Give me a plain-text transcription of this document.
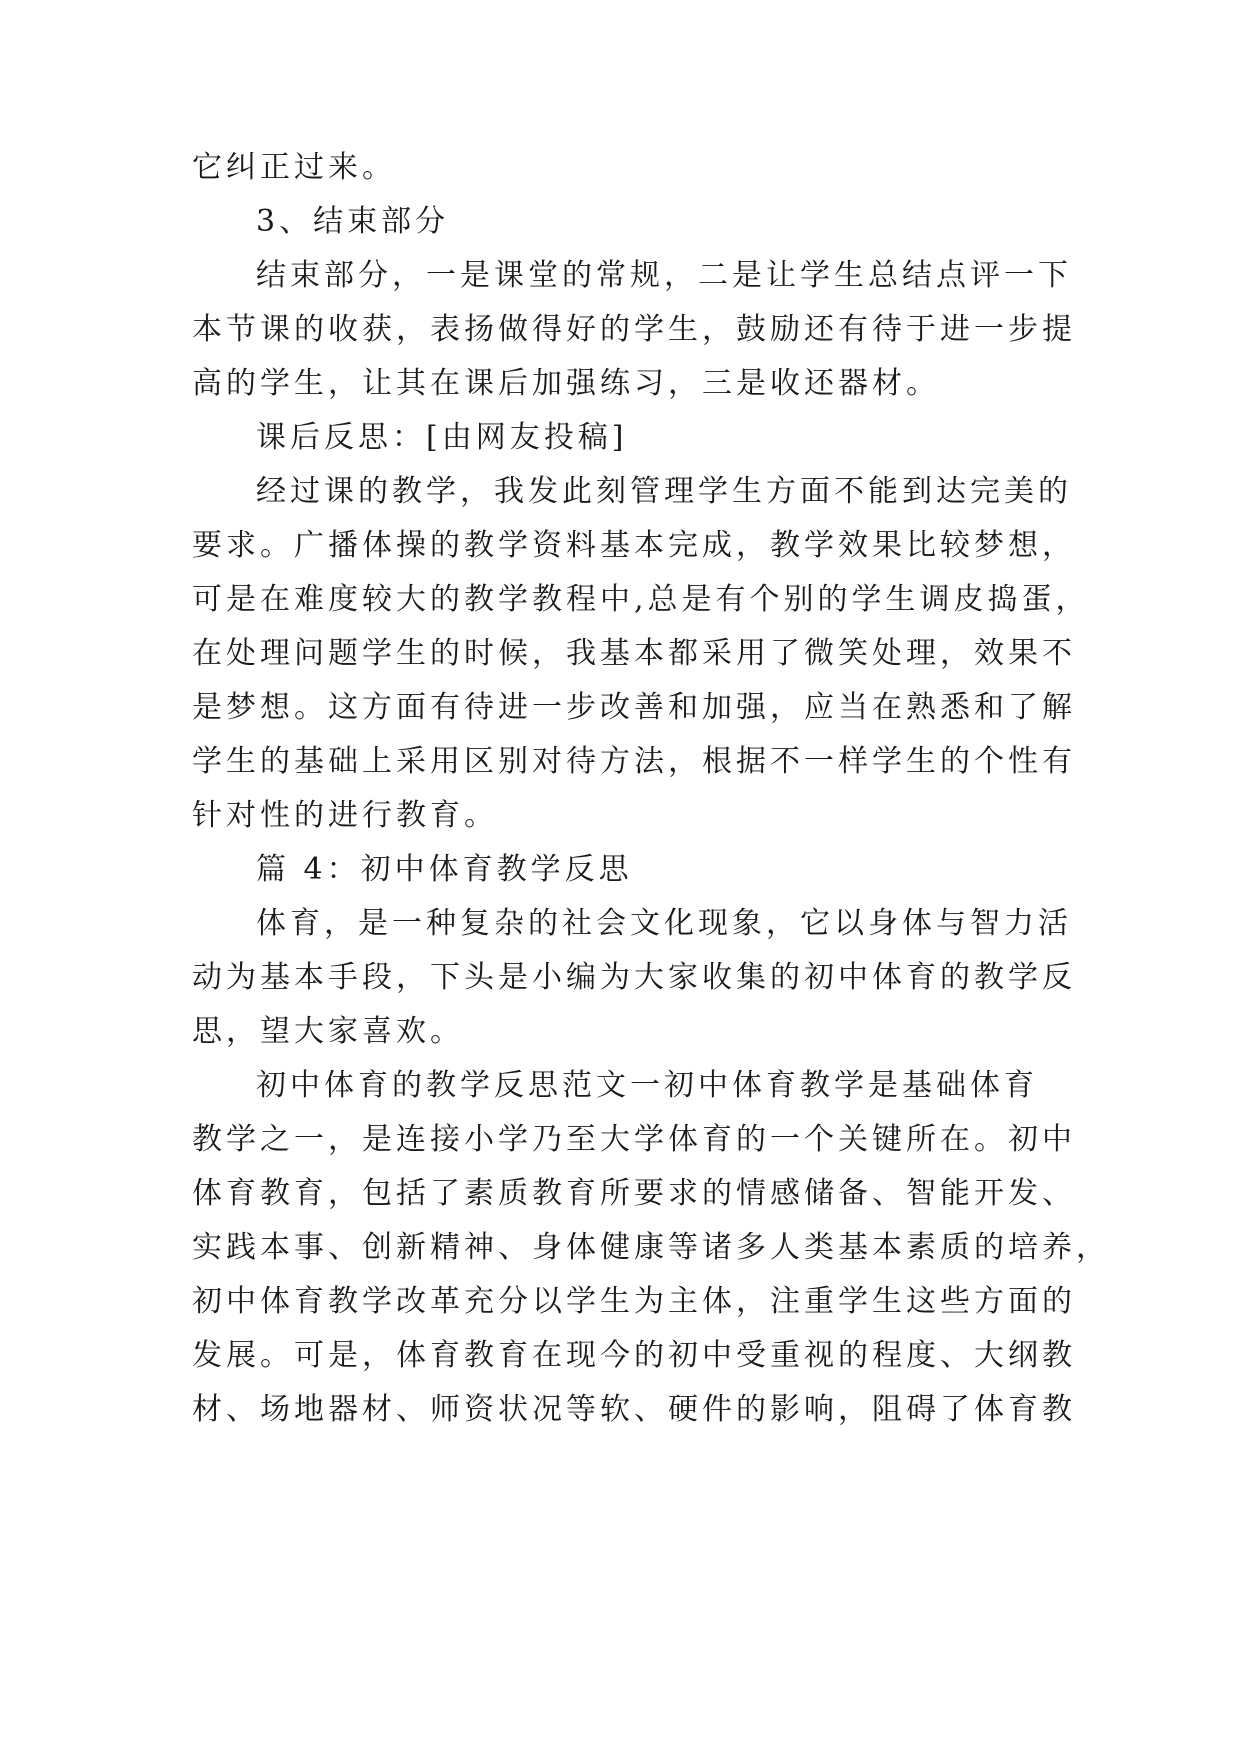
它纠正过来。
3、结束部分
结束部分，一是课堂的常规，二是让学生总结点评一下
本节课的收获，表扬做得好的学生，鼓励还有待于进一步提
高的学生，让其在课后加强练习，三是收还器材。
课后反思：[由网友投稿]
经过课的教学，我发此刻管理学生方面不能到达完美的
要求。广播体操的教学资料基本完成，教学效果比较梦想，
可是在难度较大的教学教程中,总是有个别的学生调皮捣蛋，
在处理问题学生的时候，我基本都采用了微笑处理，效果不
是梦想。这方面有待进一步改善和加强，应当在熟悉和了解
学生的基础上采用区别对待方法，根据不一样学生的个性有
针对性的进行教育。
篇 4：初中体育教学反思
体育，是一种复杂的社会文化现象，它以身体与智力活
动为基本手段，下头是小编为大家收集的初中体育的教学反
思，望大家喜欢。
初中体育的教学反思范文一初中体育教学是基础体育
教学之一，是连接小学乃至大学体育的一个关键所在。初中
体育教育，包括了素质教育所要求的情感储备、智能开发、
实践本事、创新精神、身体健康等诸多人类基本素质的培养，
初中体育教学改革充分以学生为主体，注重学生这些方面的
发展。可是，体育教育在现今的初中受重视的程度、大纲教
材、场地器材、师资状况等软、硬件的影响，阻碍了体育教
